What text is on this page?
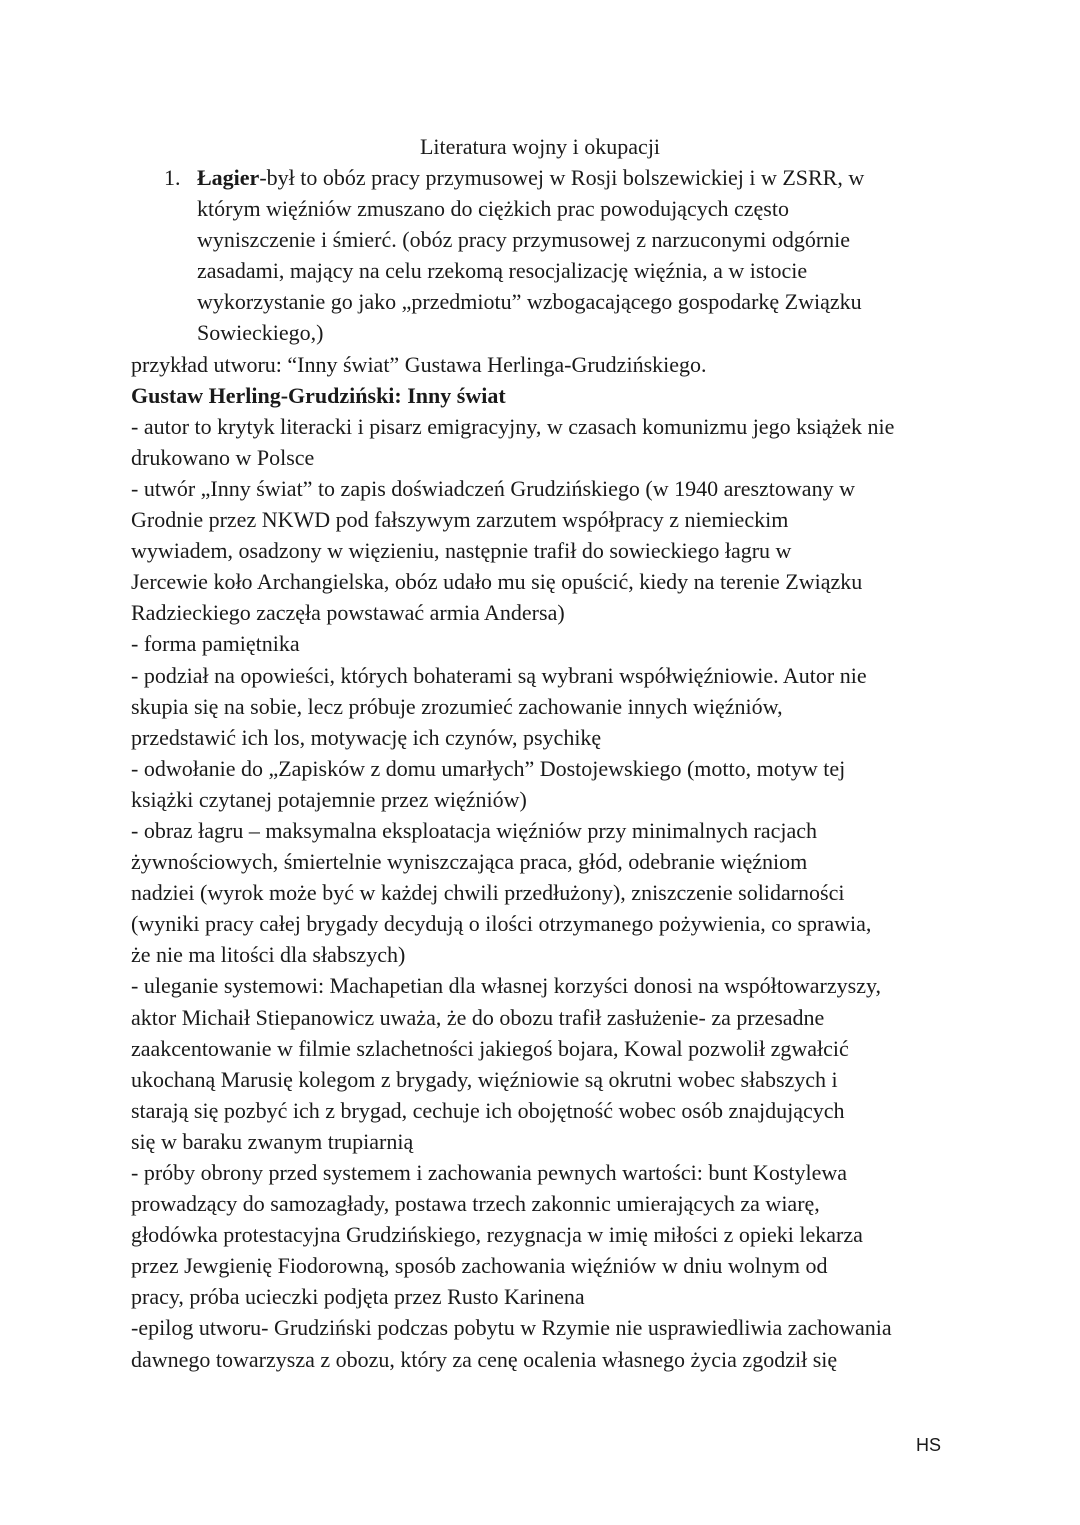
Literatura wojny i okupacji
1. Łagier-był to obóz pracy przymusowej w Rosji bolszewickiej i w ZSRR, w
którym więźniów zmuszano do ciężkich prac powodujących często
wyniszczenie i śmierć. (obóz pracy przymusowej z narzuconymi odgórnie
zasadami, mający na celu rzekomą resocjalizację więźnia, a w istocie
wykorzystanie go jako „przedmiotu” wzbogacającego gospodarkę Związku
Sowieckiego,)
przykład utworu: “Inny świat” Gustawa Herlinga-Grudzińskiego.
Gustaw Herling-Grudziński: Inny świat
- autor to krytyk literacki i pisarz emigracyjny, w czasach komunizmu jego książek nie
drukowano w Polsce
- utwór „Inny świat” to zapis doświadczeń Grudzińskiego (w 1940 aresztowany w
Grodnie przez NKWD pod fałszywym zarzutem współpracy z niemieckim
wywiadem, osadzony w więzieniu, następnie trafił do sowieckiego łagru w
Jercewie koło Archangielska, obóz udało mu się opuścić, kiedy na terenie Związku
Radzieckiego zaczęła powstawać armia Andersa)
- forma pamiętnika
- podział na opowieści, których bohaterami są wybrani współwięźniowie. Autor nie
skupia się na sobie, lecz próbuje zrozumieć zachowanie innych więźniów,
przedstawić ich los, motywację ich czynów, psychikę
- odwołanie do „Zapisków z domu umarłych” Dostojewskiego (motto, motyw tej
książki czytanej potajemnie przez więźniów)
- obraz łagru – maksymalna eksploatacja więźniów przy minimalnych racjach
żywnościowych, śmiertelnie wyniszczająca praca, głód, odebranie więźniom
nadziei (wyrok może być w każdej chwili przedłużony), zniszczenie solidarności
(wyniki pracy całej brygady decydują o ilości otrzymanego pożywienia, co sprawia,
że nie ma litości dla słabszych)
- uleganie systemowi: Machapetian dla własnej korzyści donosi na współtowarzyszy,
aktor Michaił Stiepanowicz uważa, że do obozu trafił zasłużenie- za przesadne
zaakcentowanie w filmie szlachetności jakiegoś bojara, Kowal pozwolił zgwałcić
ukochaną Marusię kolegom z brygady, więźniowie są okrutni wobec słabszych i
starają się pozbyć ich z brygad, cechuje ich obojętność wobec osób znajdujących
się w baraku zwanym trupiarnią
- próby obrony przed systemem i zachowania pewnych wartości: bunt Kostylewa
prowadzący do samozagłady, postawa trzech zakonnic umierających za wiarę,
głodówka protestacyjna Grudzińskiego, rezygnacja w imię miłości z opieki lekarza
przez Jewgienię Fiodorowną, sposób zachowania więźniów w dniu wolnym od
pracy, próba ucieczki podjęta przez Rusto Karinena
-epilog utworu- Grudziński podczas pobytu w Rzymie nie usprawiedliwia zachowania
dawnego towarzysza z obozu, który za cenę ocalenia własnego życia zgodził się
HS
